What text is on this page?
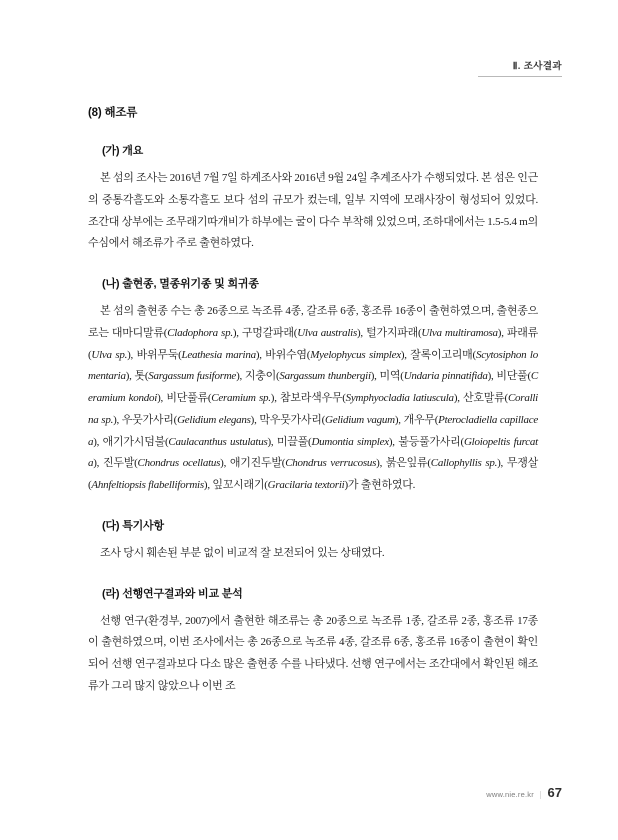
Ⅱ. 조사결과
(8) 해조류
(가) 개요

본 섬의 조사는 2016년 7월 7일 하계조사와 2016년 9월 24일 추계조사가 수행되었다. 본 섬은 인근의 중통각흘도와 소통각흘도 보다 섬의 규모가 컸는데, 일부 지역에 모래사장이 형성되어 있었다. 조간대 상부에는 조무래기따개비가 하부에는 굴이 다수 부착해 있었으며, 조하대에서는 1.5-5.4 m의 수심에서 해조류가 주로 출현하였다.

(나) 출현종, 멸종위기종 및 희귀종

본 섬의 출현종 수는 총 26종으로 녹조류 4종, 갈조류 6종, 홍조류 16종이 출현하였으며, 출현종으로는 대마디말류(Cladophora sp.), 구멍갈파래(Ulva australis), 털가지파래(Ulva multiramosa), 파래류(Ulva sp.), 바위무둑(Leathesia marina), 바위수염(Myelophycus simplex), 잘록이고리매(Scytosiphon lomentaria), 톳(Sargassum fusiforme), 지충이(Sargassum thunbergii), 미역(Undaria pinnatifida), 비단풀(Ceramium kondoi), 비단풀류(Ceramium sp.), 참보라색우무(Symphyocladia latiuscula), 산호말류(Corallina sp.), 우뭇가사리(Gelidium elegans), 막우뭇가사리(Gelidium vagum), 개우무(Pterocladiella capillacea), 애기가시덤불(Caulacanthus ustulatus), 미끌풀(Dumontia simplex), 불등풀가사리(Gloiopeltis furcata), 진두발(Chondrus ocellatus), 애기진두발(Chondrus verrucosus), 붉은잎류(Callophyllis sp.), 무쟁살(Ahnfeltiopsis flabelliformis), 잎꼬시래기(Gracilaria textorii)가 출현하였다.

(다) 특기사항

조사 당시 훼손된 부분 없이 비교적 잘 보전되어 있는 상태였다.

(라) 선행연구결과와 비교 분석

선행 연구(환경부, 2007)에서 출현한 해조류는 총 20종으로 녹조류 1종, 갈조류 2종, 홍조류 17종이 출현하였으며, 이번 조사에서는 총 26종으로 녹조류 4종, 갈조류 6종, 홍조류 16종이 출현이 확인되어 선행 연구결과보다 다소 많은 출현종 수를 나타냈다. 선행 연구에서는 조간대에서 확인된 해조류가 그리 많지 않았으나 이번 조

www.nie.re.kr | 67
